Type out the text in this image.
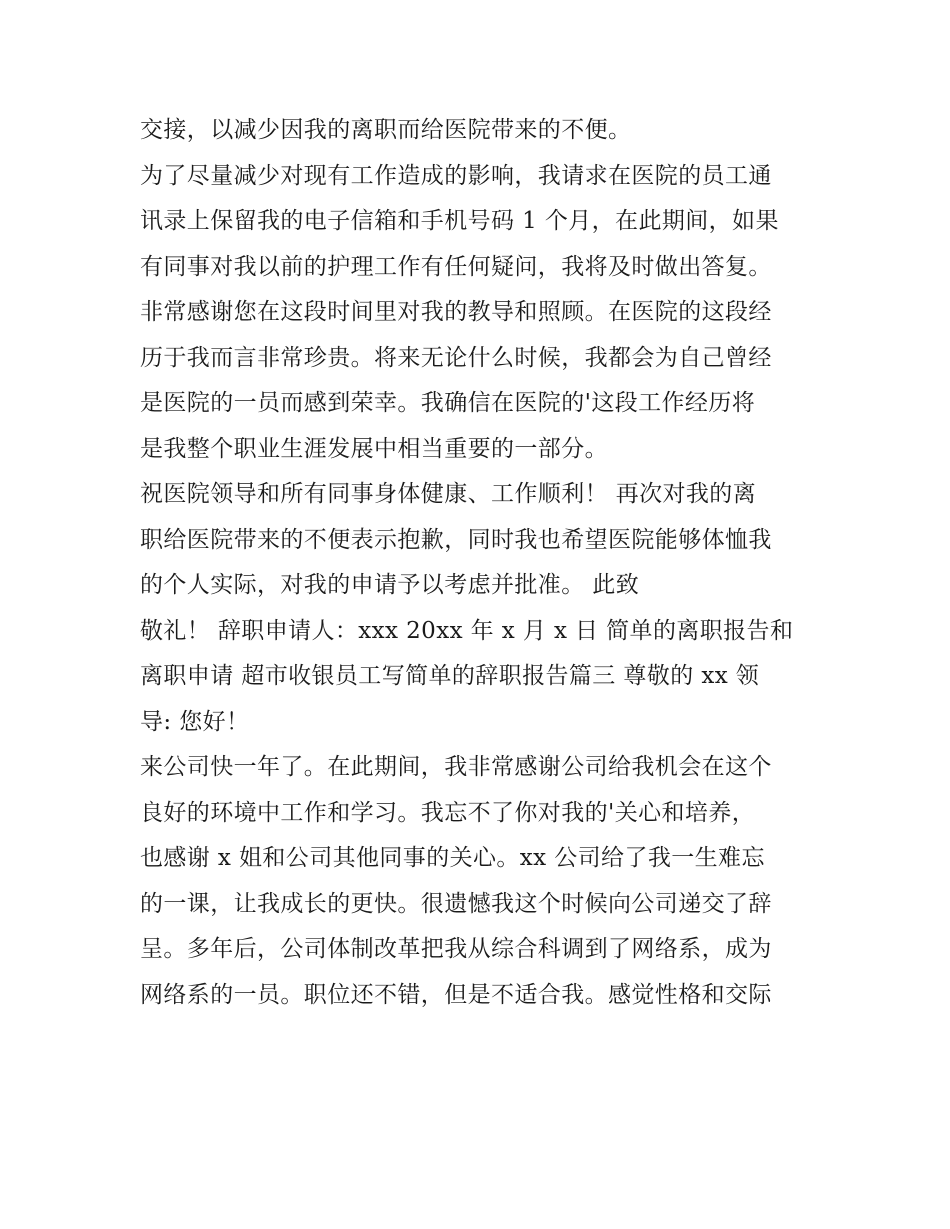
交接，以减少因我的离职而给医院带来的不便。
为了尽量减少对现有工作造成的影响，我请求在医院的员工通
讯录上保留我的电子信箱和手机号码 1 个月，在此期间，如果
有同事对我以前的护理工作有任何疑问，我将及时做出答复。
非常感谢您在这段时间里对我的教导和照顾。在医院的这段经
历于我而言非常珍贵。将来无论什么时候，我都会为自己曾经
是医院的一员而感到荣幸。我确信在医院的'这段工作经历将
是我整个职业生涯发展中相当重要的一部分。
祝医院领导和所有同事身体健康、工作顺利！ 再次对我的离
职给医院带来的不便表示抱歉，同时我也希望医院能够体恤我
的个人实际，对我的申请予以考虑并批准。 此致
敬礼！ 辞职申请人：xxx 20xx 年 x 月 x 日 简单的离职报告和
离职申请 超市收银员工写简单的辞职报告篇三 尊敬的 xx 领
导: 您好！
来公司快一年了。在此期间，我非常感谢公司给我机会在这个
良好的环境中工作和学习。我忘不了你对我的'关心和培养，
也感谢 x 姐和公司其他同事的关心。xx 公司给了我一生难忘
的一课，让我成长的更快。很遗憾我这个时候向公司递交了辞
呈。多年后，公司体制改革把我从综合科调到了网络系，成为
网络系的一员。职位还不错，但是不适合我。感觉性格和交际
